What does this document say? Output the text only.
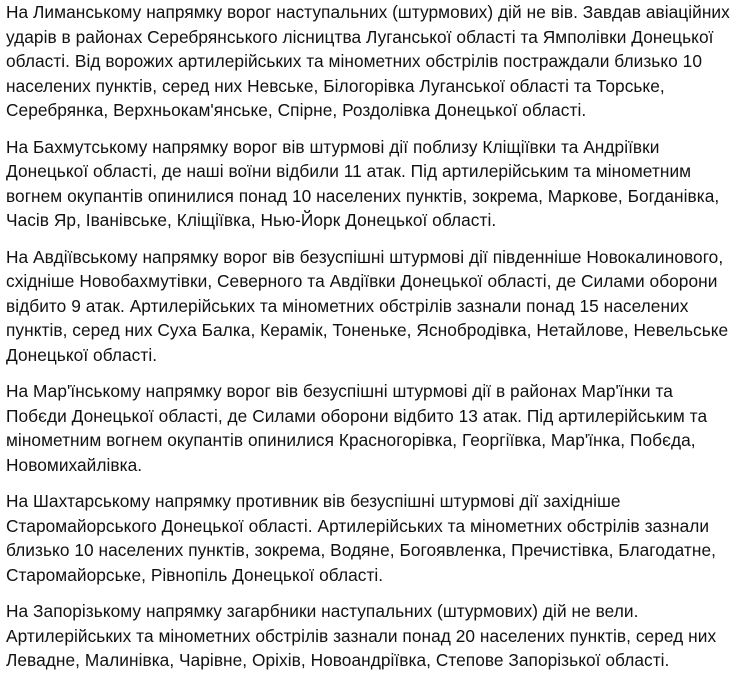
На Лиманському напрямку ворог наступальних (штурмових) дій не вів. Завдав авіаційних
ударів в районах Серебрянського лісництва Луганської області та Ямполівки Донецької
області. Від ворожих артилерійських та мінометних обстрілів постраждали близько 10
населених пунктів, серед них Невське, Білогорівка Луганської області та Торське,
Серебрянка, Верхньокам'янське, Спірне, Роздолівка Донецької області.

На Бахмутському напрямку ворог вів штурмові дії поблизу Кліщіївки та Андріївки
Донецької області, де наші воїни відбили 11 атак. Під артилерійським та мінометним
вогнем окупантів опинилися понад 10 населених пунктів, зокрема, Маркове, Богданівка,
Часів Яр, Іванівське, Кліщіївка, Нью-Йорк Донецької області.

На Авдіївському напрямку ворог вів безуспішні штурмові дії південніше Новокалинового,
східніше Новобахмутівки, Северного та Авдіївки Донецької області, де Силами оборони
відбито 9 атак. Артилерійських та мінометних обстрілів зазнали понад 15 населених
пунктів, серед них Суха Балка, Керамік, Тоненьке, Яснобродівка, Нетайлове, Невельське
Донецької області.

На Мар'їнському напрямку ворог вів безуспішні штурмові дії в районах Мар'їнки та
Побєди Донецької області, де Силами оборони відбито 13 атак. Під артилерійським та
мінометним вогнем окупантів опинилися Красногорівка, Георгіївка, Мар'їнка, Побєда,
Новомихайлівка.

На Шахтарському напрямку противник вів безуспішні штурмові дії західніше
Старомайорського Донецької області. Артилерійських та мінометних обстрілів зазнали
близько 10 населених пунктів, зокрема, Водяне, Богоявленка, Пречистівка, Благодатне,
Старомайорське, Рівнопіль Донецької області.

На Запорізькому напрямку загарбники наступальних (штурмових) дій не вели.
Артилерійських та мінометних обстрілів зазнали понад 20 населених пунктів, серед них
Левадне, Малинівка, Чарівне, Оріхів, Новоандріївка, Степове Запорізької області.
